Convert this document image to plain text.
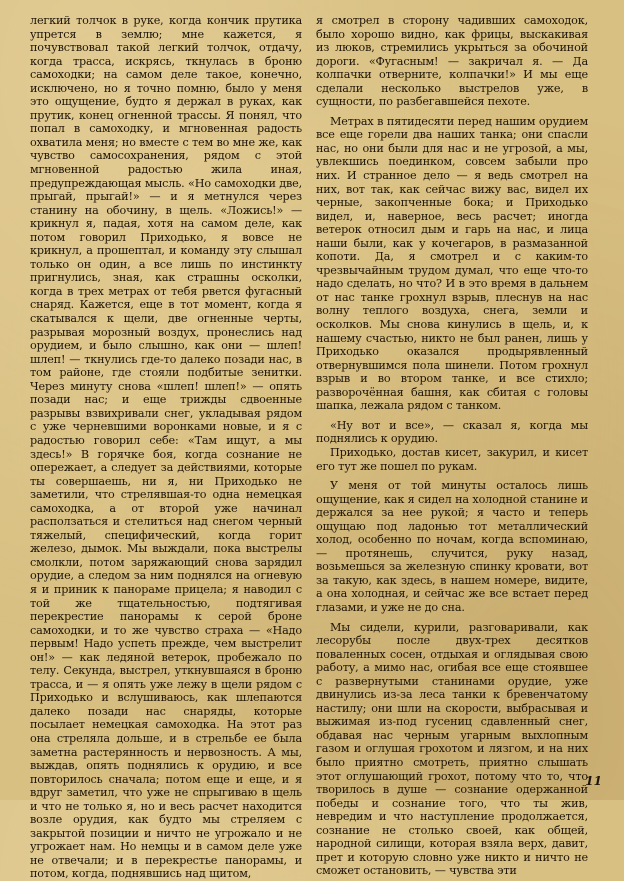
легкий толчок в руке, когда кончик прутика упрется в землю; мне кажется, я почувствовал такой легкий толчок, отдачу, когда трасса, искрясь, ткнулась в броню самоходки; на самом деле такое, конечно, исключено, но я точно помню, было у меня это ощущение, будто я держал в руках, как прутик, конец огненной трассы. Я понял, что попал в самоходку, и мгновенная радость охватила меня; но вместе с тем во мне же, как чувство самосохранения, рядом с этой мгновенной радостью жила иная, предупреждающая мысль. «Но самоходки две, прыгай, прыгай!» — и я метнулся через станину на обочину, в щель. «Ложись!» — крикнул я, падая, хотя на самом деле, как потом говорил Приходько, я вовсе не крикнул, а прошептал, и команду эту слышал только он один, а все лишь по инстинкту пригнулись, зная, как страшны осколки, когда в трех метрах от тебя рвется фугасный снаряд. Кажется, еще в тот момент, когда я скатывался к щели, две огненные черты, разрывая морозный воздух, пронеслись над орудием, и было слышно, как они — шлеп! шлеп! — ткнулись где-то далеко позади нас, в том районе, где стояли подбитые зенитки. Через минуту снова «шлеп! шлеп!» — опять позади нас; и еще трижды сдвоенные разрывы взвихривали снег, укладывая рядом с уже черневшими воронками новые, и я с радостью говорил себе: «Там ищут, а мы здесь!» В горячке боя, когда сознание не опережает, а следует за действиями, которые ты совершаешь, ни я, ни Приходько не заметили, что стрелявшая-то одна немецкая самоходка, а от второй уже начинал расползаться и стелиться над снегом черный тяжелый, специфический, когда горит железо, дымок. Мы выждали, пока выстрелы смолкли, потом заряжающий снова зарядил орудие, а следом за ним поднялся на огневую я и приник к панораме прицела; я наводил с той же тщательностью, подтягивая перекрестие панорамы к серой броне самоходки, и то же чувство страха — «Надо первым! Надо успеть прежде, чем выстрелит он!» — как ледяной ветерок, пробежало по телу. Секунда, выстрел, уткнувшаяся в броню трасса, и — я опять уже лежу в щели рядом с Приходько и вслушиваюсь, как шлепаются далеко позади нас снаряды, которые посылает немецкая самоходка. На этот раз она стреляла дольше, и в стрельбе ее была заметна растерянность и нервозность. А мы, выждав, опять поднялись к орудию, и все повторилось сначала; потом еще и еще, и я вдруг заметил, что уже не спрыгиваю в щель и что не только я, но и весь расчет находится возле орудия, как будто мы стреляем с закрытой позиции и ничто не угрожало и не угрожает нам. Но немцы и в самом деле уже не отвечали; и в перекрестье панорамы, и потом, когда, поднявшись над щитом,

я смотрел в сторону чадивших самоходок, было хорошо видно, как фрицы, выскакивая из люков, стремились укрыться за обочиной дороги. «Фугасным! — закричал я. — Да колпачки отверните, колпачки!» И мы еще сделали несколько выстрелов уже, в сущности, по разбегавшейся пехоте.

Метрах в пятидесяти перед нашим орудием все еще горели два наших танка; они спасли нас, но они были для нас и не угрозой, а мы, увлекшись поединком, совсем забыли про них. И странное дело — я ведь смотрел на них, вот так, как сейчас вижу вас, видел их черные, закопченные бока; и Приходько видел, и, наверное, весь расчет; иногда ветерок относил дым и гарь на нас, и лица наши были, как у кочегаров, в размазанной копоти. Да, я смотрел и с каким-то чрезвычайным трудом думал, что еще что-то надо сделать, но что? И в это время в дальнем от нас танке грохнул взрыв, плеснув на нас волну теплого воздуха, снега, земли и осколков. Мы снова кинулись в щель, и, к нашему счастью, никто не был ранен, лишь у Приходько оказался продырявленный отвернувшимся пола шинели. Потом грохнул взрыв и во втором танке, и все стихло; разворочённая башня, как сбитая с головы шапка, лежала рядом с танком.

«Ну вот и все», — сказал я, когда мы поднялись к орудию.

Приходько, достав кисет, закурил, и кисет его тут же пошел по рукам.

У меня от той минуты осталось лишь ощущение, как я сидел на холодной станине и держался за нее рукой; я часто и теперь ощущаю под ладонью тот металлический холод, особенно по ночам, когда вспоминаю, — протянешь, случится, руку назад, возьмешься за железную спинку кровати, вот за такую, как здесь, в нашем номере, видите, а она холодная, и сейчас же все встает перед глазами, и уже не до сна.

Мы сидели, курили, разговаривали, как лесорубы после двух-трех десятков поваленных сосен, отдыхая и оглядывая свою работу, а мимо нас, огибая все еще стоявшее с развернутыми станинами орудие, уже двинулись из-за леса танки к бревенчатому настилу; они шли на скорости, выбрасывая и выжимая из-под гусениц сдавленный снег, обдавая нас черным угарным выхлопным газом и оглушая грохотом и лязгом, и на них было приятно смотреть, приятно слышать этот оглушающий грохот, потому что то, что творилось в душе — сознание одержанной победы и сознание того, что ты жив, невредим и что наступление продолжается, сознание не столько своей, как общей, народной силищи, которая взяла верх, давит, прет и которую словно уже никто и ничто не сможет остановить, — чувства эти

11
